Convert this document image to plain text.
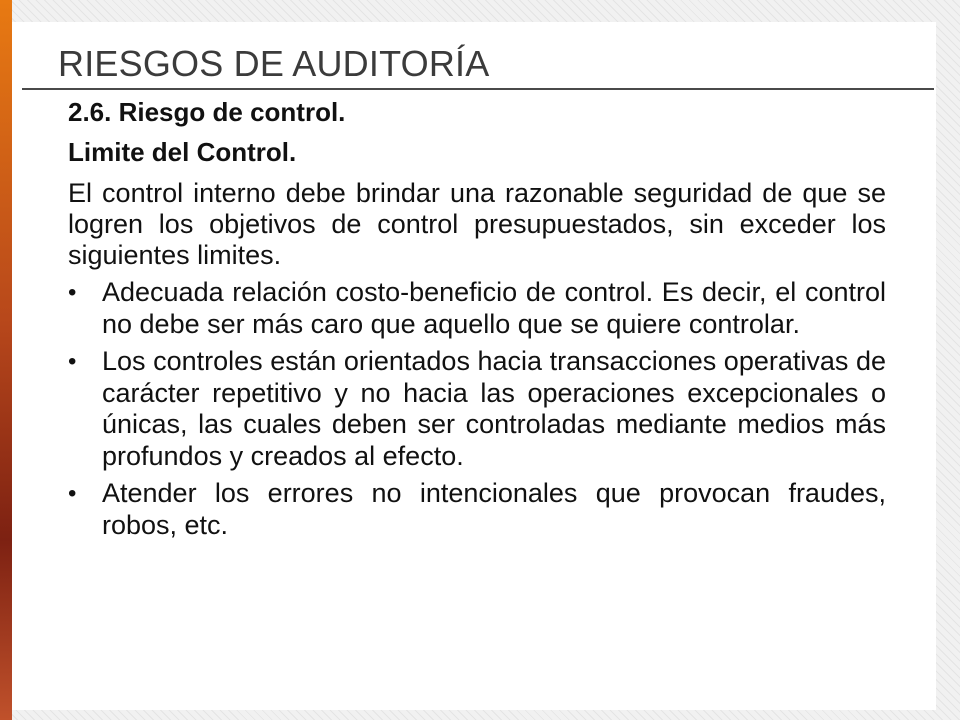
RIESGOS DE AUDITORÍA
2.6. Riesgo de control.
Limite del Control.
El control interno debe brindar una razonable seguridad de que se logren los objetivos de control presupuestados, sin exceder los siguientes limites.
• Adecuada relación costo-beneficio de control. Es decir, el control no debe ser más caro que aquello que se quiere controlar.
• Los controles están orientados hacia transacciones operativas de carácter repetitivo y no hacia las operaciones excepcionales o únicas, las cuales deben ser controladas mediante medios más profundos y creados al efecto.
• Atender los errores no intencionales que provocan fraudes, robos, etc.
